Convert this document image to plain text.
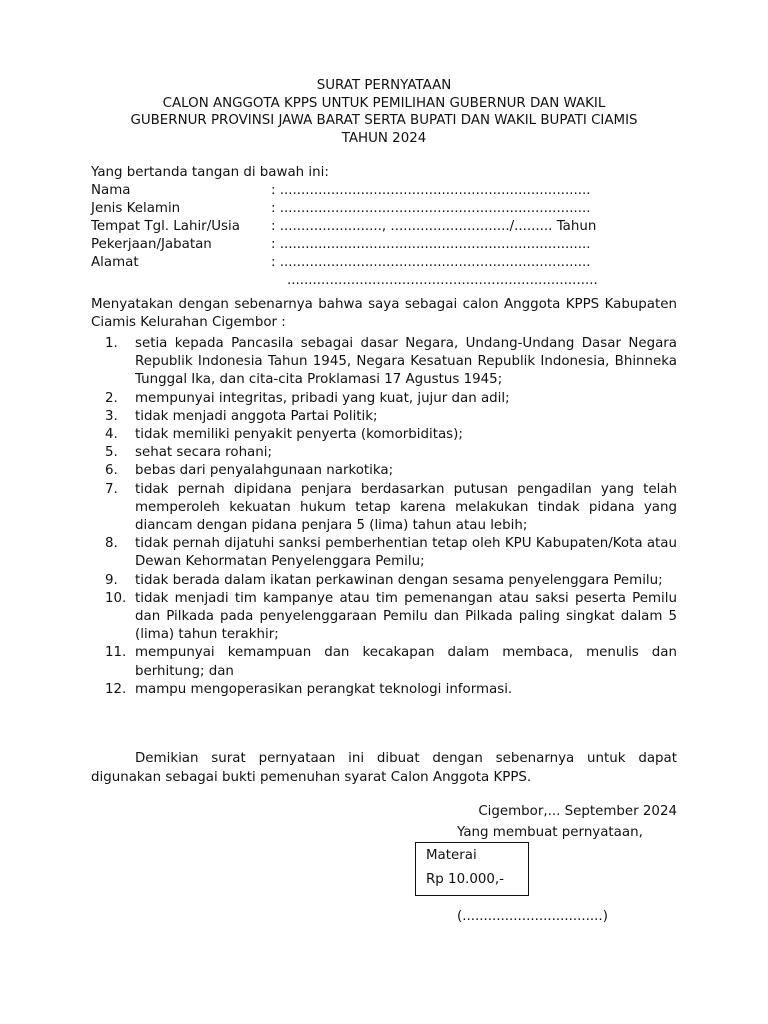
SURAT PERNYATAAN
CALON ANGGOTA KPPS UNTUK PEMILIHAN GUBERNUR DAN WAKIL
GUBERNUR PROVINSI JAWA BARAT SERTA BUPATI DAN WAKIL BUPATI CIAMIS
TAHUN 2024
Yang bertanda tangan di bawah ini:
Nama	: .........................................................................
Jenis Kelamin	: .........................................................................
Tempat Tgl. Lahir/Usia : ........................, ............................/......... Tahun
Pekerjaan/Jabatan	: .........................................................................
Alamat	: .........................................................................
.........................................................................
Menyatakan dengan sebenarnya bahwa saya sebagai calon Anggota KPPS Kabupaten Ciamis Kelurahan Cigembor :
1.	setia kepada Pancasila sebagai dasar Negara, Undang-Undang Dasar Negara Republik Indonesia Tahun 1945, Negara Kesatuan Republik Indonesia, Bhinneka Tunggal Ika, dan cita-cita Proklamasi 17 Agustus 1945;
2.	mempunyai integritas, pribadi yang kuat, jujur dan adil;
3.	tidak menjadi anggota Partai Politik;
4.	tidak memiliki penyakit penyerta (komorbiditas);
5.	sehat secara rohani;
6.	bebas dari penyalahgunaan narkotika;
7.	tidak pernah dipidana penjara berdasarkan putusan pengadilan yang telah memperoleh kekuatan hukum tetap karena melakukan tindak pidana yang diancam dengan pidana penjara 5 (lima) tahun atau lebih;
8.	tidak pernah dijatuhi sanksi pemberhentian tetap oleh KPU Kabupaten/Kota atau Dewan Kehormatan Penyelenggara Pemilu;
9.	tidak berada dalam ikatan perkawinan dengan sesama penyelenggara Pemilu;
10. tidak menjadi tim kampanye atau tim pemenangan atau saksi peserta Pemilu dan Pilkada pada penyelenggaraan Pemilu dan Pilkada paling singkat dalam 5 (lima) tahun terakhir;
11. mempunyai kemampuan dan kecakapan dalam membaca, menulis dan berhitung; dan
12. mampu mengoperasikan perangkat teknologi informasi.
Demikian surat pernyataan ini dibuat dengan sebenarnya untuk dapat digunakan sebagai bukti pemenuhan syarat Calon Anggota KPPS.
Cigembor,... September 2024
Yang membuat pernyataan,
Materai
Rp 10.000,-
(.................................)
